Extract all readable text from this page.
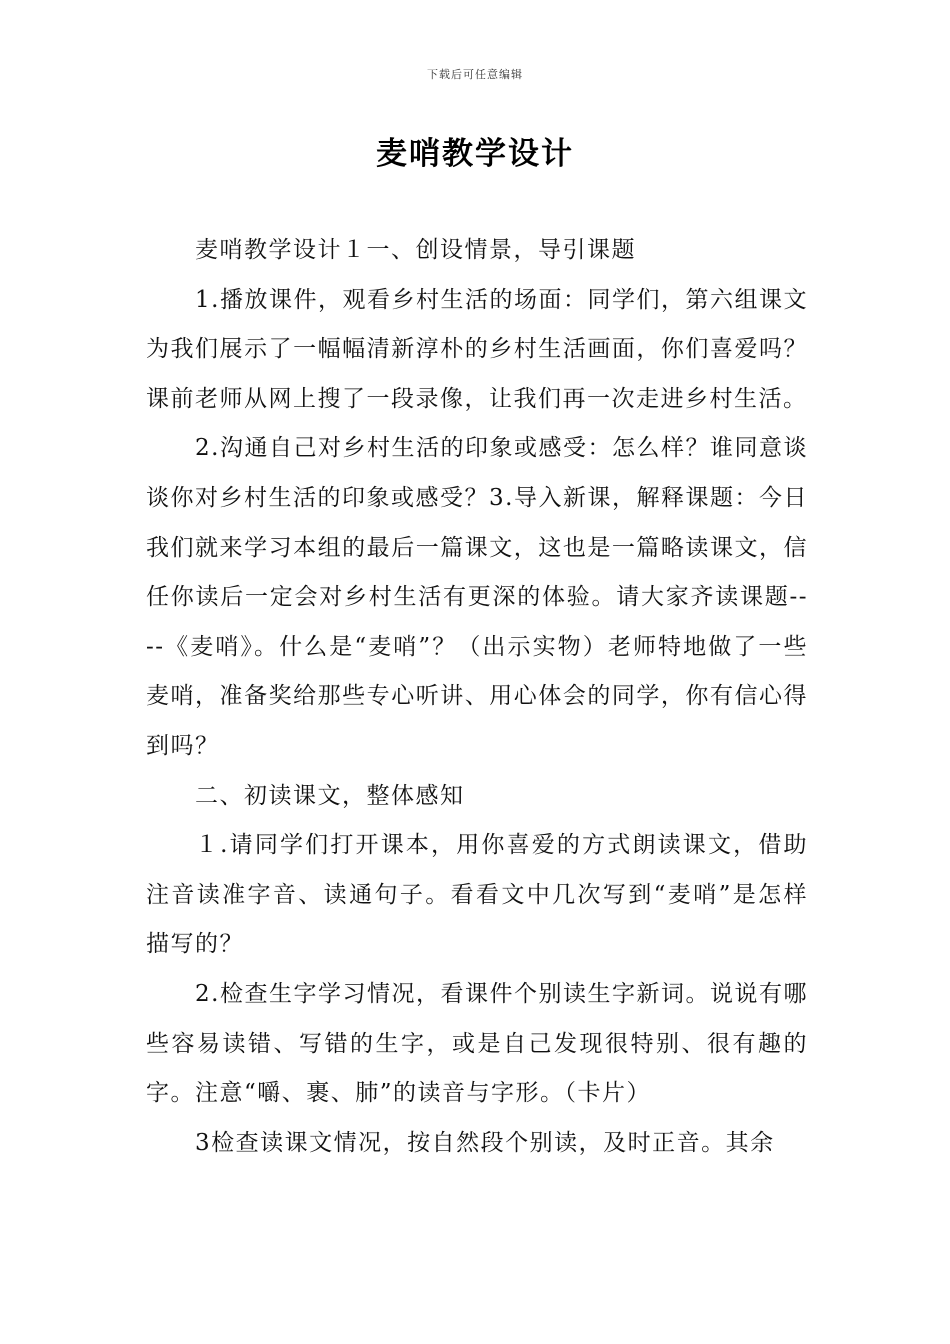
下载后可任意编辑
麦哨教学设计

麦哨教学设计１一、创设情景，导引课题

1.播放课件，观看乡村生活的场面：同学们，第六组课文为我们展示了一幅幅清新淳朴的乡村生活画面，你们喜爱吗？课前老师从网上搜了一段录像，让我们再一次走进乡村生活。

2.沟通自己对乡村生活的印象或感受：怎么样？谁同意谈谈你对乡村生活的印象或感受？3.导入新课，解释课题：今日我们就来学习本组的最后一篇课文，这也是一篇略读课文，信任你读后一定会对乡村生活有更深的体验。请大家齐读课题----《麦哨》。什么是“麦哨”？（出示实物）老师特地做了一些麦哨，准备奖给那些专心听讲、用心体会的同学，你有信心得到吗？

二、初读课文，整体感知

１.请同学们打开课本，用你喜爱的方式朗读课文，借助注音读准字音、读通句子。看看文中几次写到“麦哨”是怎样描写的？

2.检查生字学习情况，看课件个别读生字新词。说说有哪些容易读错、写错的生字，或是自己发现很特别、很有趣的字。注意“嚼、裹、肺”的读音与字形。（卡片）

3检查读课文情况，按自然段个别读，及时正音。其余
